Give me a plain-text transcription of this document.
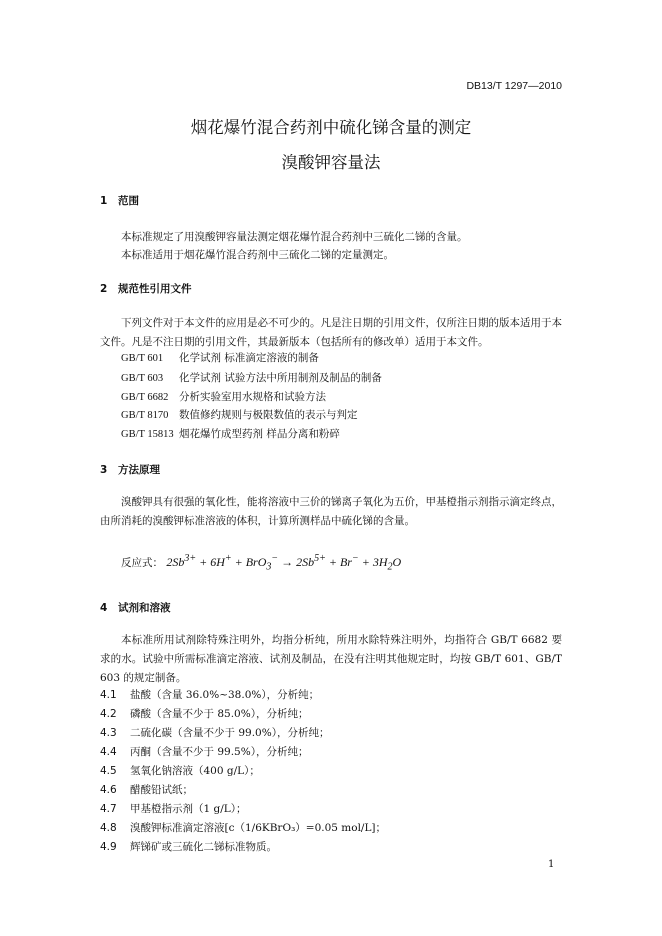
DB13/T 1297—2010
烟花爆竹混合药剂中硫化锑含量的测定
溴酸钾容量法
1 范围
本标准规定了用溴酸钾容量法测定烟花爆竹混合药剂中三硫化二锑的含量。
本标准适用于烟花爆竹混合药剂中三硫化二锑的定量测定。
2 规范性引用文件
下列文件对于本文件的应用是必不可少的。凡是注日期的引用文件，仅所注日期的版本适用于本文件。凡是不注日期的引用文件，其最新版本（包括所有的修改单）适用于本文件。
GB/T 601 化学试剂 标准滴定溶液的制备
GB/T 603 化学试剂 试验方法中所用制剂及制品的制备
GB/T 6682 分析实验室用水规格和试验方法
GB/T 8170 数值修约规则与极限数值的表示与判定
GB/T 15813 烟花爆竹成型药剂 样品分离和粉碎
3 方法原理
溴酸钾具有很强的氧化性，能将溶液中三价的锑离子氧化为五价，甲基橙指示剂指示滴定终点，由所消耗的溴酸钾标准溶液的体积，计算所测样品中硫化锑的含量。
反应式： $2Sb^{3+} + 6H^+ + BrO_3^- \to 2Sb^{5+} + Br^- + 3H_2O$
4 试剂和溶液
本标准所用试剂除特殊注明外，均指分析纯，所用水除特殊注明外，均指符合 GB/T 6682 要求的水。试验中所需标准滴定溶液、试剂及制品，在没有注明其他规定时，均按 GB/T 601、GB/T 603 的规定制备。
4.1 盐酸（含量 36.0%~38.0%），分析纯；
4.2 磷酸（含量不少于 85.0%），分析纯；
4.3 二硫化碳（含量不少于 99.0%），分析纯；
4.4 丙酮（含量不少于 99.5%），分析纯；
4.5 氢氧化钠溶液（400 g/L）；
4.6 醋酸铅试纸；
4.7 甲基橙指示剂（1 g/L）；
4.8 溴酸钾标准滴定溶液[c（1/6KBrO₃）=0.05 mol/L]；
4.9 辉锑矿或三硫化二锑标准物质。
1
